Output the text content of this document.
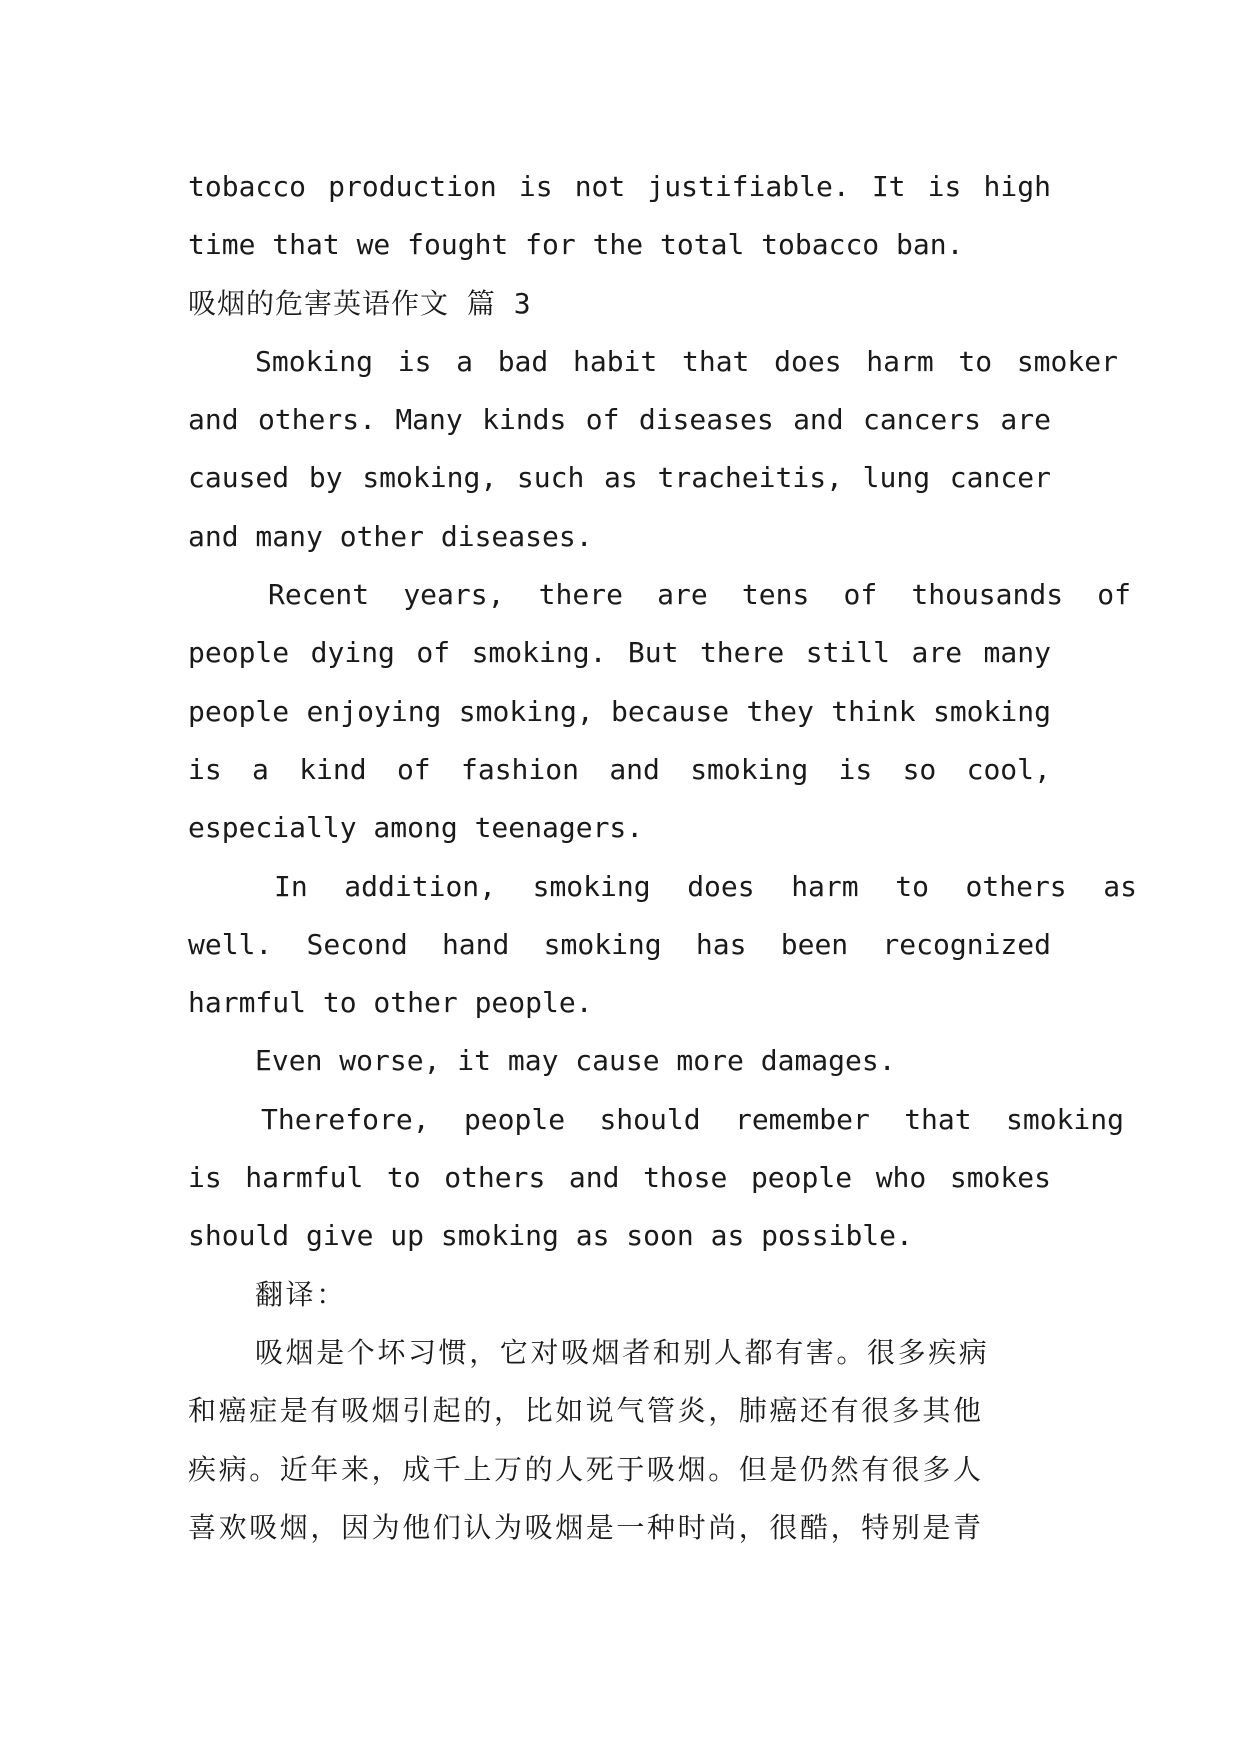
tobacco production is not justifiable. It is high
time that we fought for the total tobacco ban.
吸烟的危害英语作文 篇 3
Smoking is a bad habit that does harm to smoker
and others. Many kinds of diseases and cancers are
caused by smoking, such as tracheitis, lung cancer
and many other diseases.
Recent years, there are tens of thousands of
people dying of smoking. But there still are many
people enjoying smoking, because they think smoking
is a kind of fashion and smoking is so cool,
especially among teenagers.
In addition, smoking does harm to others as
well. Second hand smoking has been recognized
harmful to other people.
Even worse, it may cause more damages.
Therefore, people should remember that smoking
is harmful to others and those people who smokes
should give up smoking as soon as possible.
翻译：
吸烟是个坏习惯，它对吸烟者和别人都有害。很多疾病
和癌症是有吸烟引起的，比如说气管炎，肺癌还有很多其他
疾病。近年来，成千上万的人死于吸烟。但是仍然有很多人
喜欢吸烟，因为他们认为吸烟是一种时尚，很酷，特别是青
